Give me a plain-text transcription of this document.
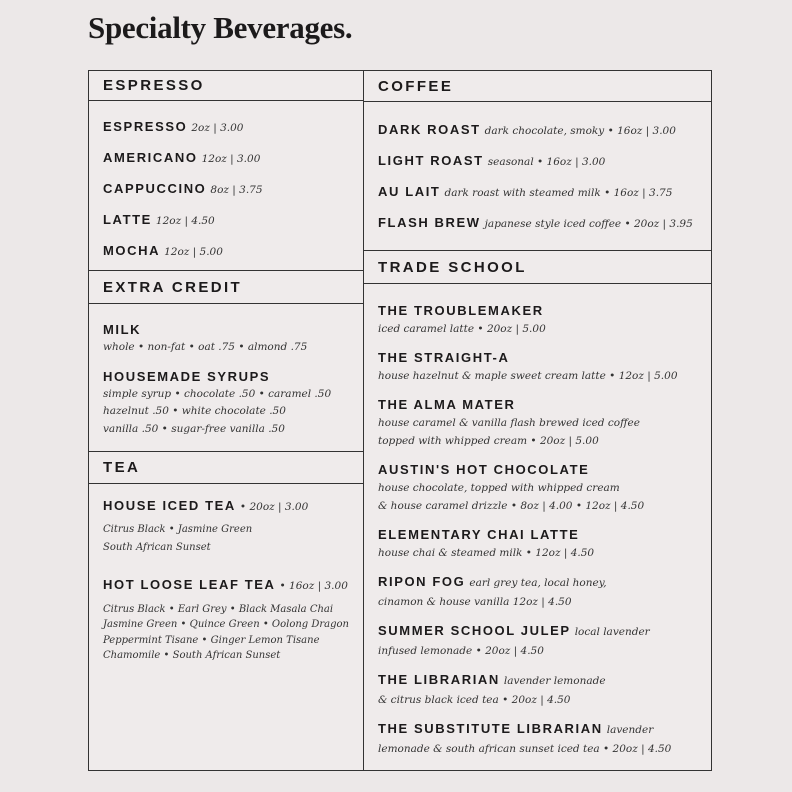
Specialty Beverages.
ESPRESSO
ESPRESSO 2oz | 3.00
AMERICANO 12oz | 3.00
CAPPUCCINO 8oz | 3.75
LATTE 12oz | 4.50
MOCHA 12oz | 5.00
EXTRA CREDIT
MILK
whole • non-fat • oat .75 • almond .75
HOUSEMADE SYRUPS
simple syrup • chocolate .50 • caramel .50
hazelnut .50 • white chocolate .50
vanilla .50 • sugar-free vanilla .50
TEA
HOUSE ICED TEA • 20oz | 3.00
Citrus Black • Jasmine Green
South African Sunset
HOT LOOSE LEAF TEA • 16oz | 3.00
Citrus Black • Earl Grey • Black Masala Chai
Jasmine Green • Quince Green • Oolong Dragon
Peppermint Tisane • Ginger Lemon Tisane
Chamomile • South African Sunset
COFFEE
DARK ROAST dark chocolate, smoky • 16oz | 3.00
LIGHT ROAST seasonal • 16oz | 3.00
AU LAIT dark roast with steamed milk • 16oz | 3.75
FLASH BREW japanese style iced coffee • 20oz | 3.95
TRADE SCHOOL
THE TROUBLEMAKER
iced caramel latte • 20oz | 5.00
THE STRAIGHT-A
house hazelnut & maple sweet cream latte • 12oz | 5.00
THE ALMA MATER
house caramel & vanilla flash brewed iced coffee
topped with whipped cream • 20oz | 5.00
AUSTIN'S HOT CHOCOLATE
house chocolate, topped with whipped cream
& house caramel drizzle • 8oz | 4.00 • 12oz | 4.50
ELEMENTARY CHAI LATTE
house chai & steamed milk • 12oz | 4.50
RIPON FOG earl grey tea, local honey,
cinamon & house vanilla 12oz | 4.50
SUMMER SCHOOL JULEP local lavender
infused lemonade • 20oz | 4.50
THE LIBRARIAN lavender lemonade
& citrus black iced tea • 20oz | 4.50
THE SUBSTITUTE LIBRARIAN lavender
lemonade & south african sunset iced tea • 20oz | 4.50
